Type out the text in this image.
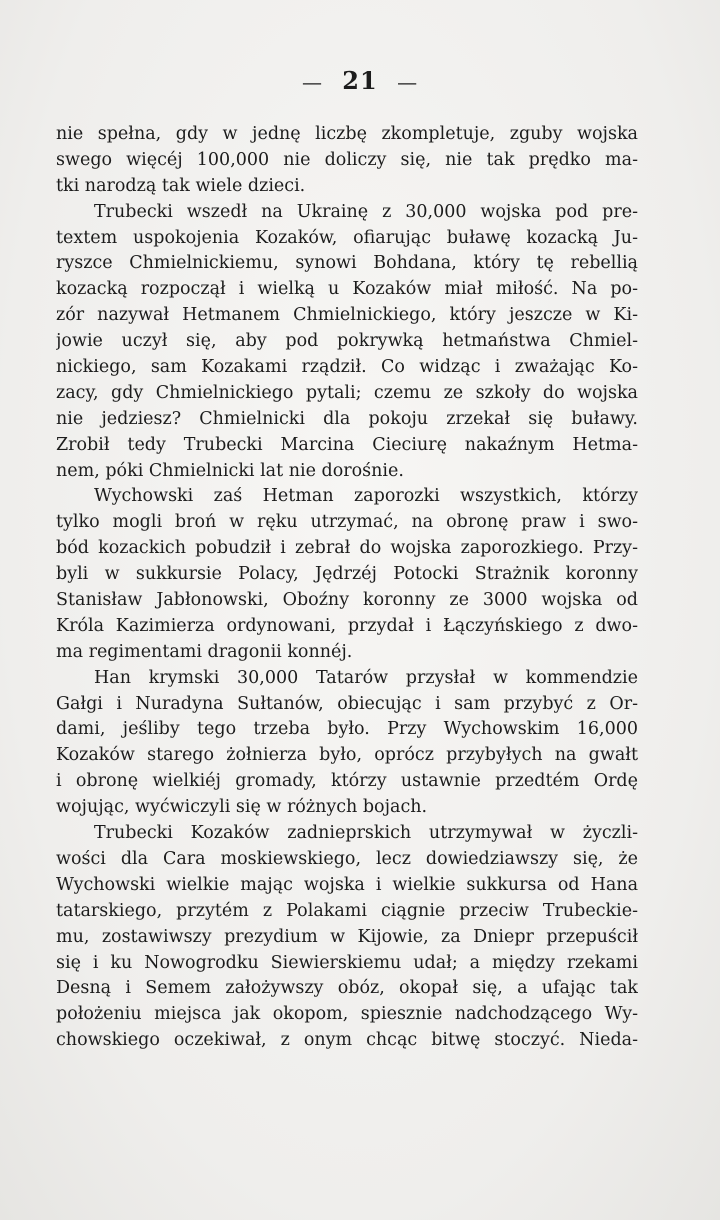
— 21 —
nie spełna, gdy w jednę liczbę zkompletuje, zguby wojska
swego więcéj 100,000 nie doliczy się, nie tak prędko ma-
tki narodzą tak wiele dzieci.
Trubecki wszedł na Ukrainę z 30,000 wojska pod pre-
textem uspokojenia Kozaków, ofiarując buławę kozacką Ju-
ryszce Chmielnickiemu, synowi Bohdana, który tę rebellią
kozacką rozpoczął i wielką u Kozaków miał miłość. Na po-
zór nazywał Hetmanem Chmielnickiego, który jeszcze w Ki-
jowie uczył się, aby pod pokrywką hetmaństwa Chmiel-
nickiego, sam Kozakami rządził. Co widząc i zważając Ko-
zacy, gdy Chmielnickiego pytali; czemu ze szkoły do wojska
nie jedziesz? Chmielnicki dla pokoju zrzekał się buławy.
Zrobił tedy Trubecki Marcina Cieciurę nakaźnym Hetma-
nem, póki Chmielnicki lat nie dorośnie.
Wychowski zaś Hetman zaporozki wszystkich, którzy
tylko mogli broń w ręku utrzymać, na obronę praw i swo-
bód kozackich pobudził i zebrał do wojska zaporozkiego. Przy-
byli w sukkursie Polacy, Jędrzéj Potocki Strażnik koronny
Stanisław Jabłonowski, Oboźny koronny ze 3000 wojska od
Króla Kazimierza ordynowani, przydał i Łączyńskiego z dwo-
ma regimentami dragonii konnéj.
Han krymski 30,000 Tatarów przysłał w kommendzie
Gałgi i Nuradyna Sułtanów, obiecując i sam przybyć z Or-
dami, jeśliby tego trzeba było. Przy Wychowskim 16,000
Kozaków starego żołnierza było, oprócz przybyłych na gwałt
i obronę wielkiéj gromady, którzy ustawnie przedtém Ordę
wojując, wyćwiczyli się w różnych bojach.
Trubecki Kozaków zadnieprskich utrzymywał w życzli-
wości dla Cara moskiewskiego, lecz dowiedziawszy się, że
Wychowski wielkie mając wojska i wielkie sukkursa od Hana
tatarskiego, przytém z Polakami ciągnie przeciw Trubeckie-
mu, zostawiwszy prezydium w Kijowie, za Dniepr przepuścił
się i ku Nowogrodku Siewierskiemu udał; a między rzekami
Desną i Semem założywszy obóz, okopał się, a ufając tak
położeniu miejsca jak okopom, spiesznie nadchodzącego Wy-
chowskiego oczekiwał, z onym chcąc bitwę stoczyć. Nieda-
